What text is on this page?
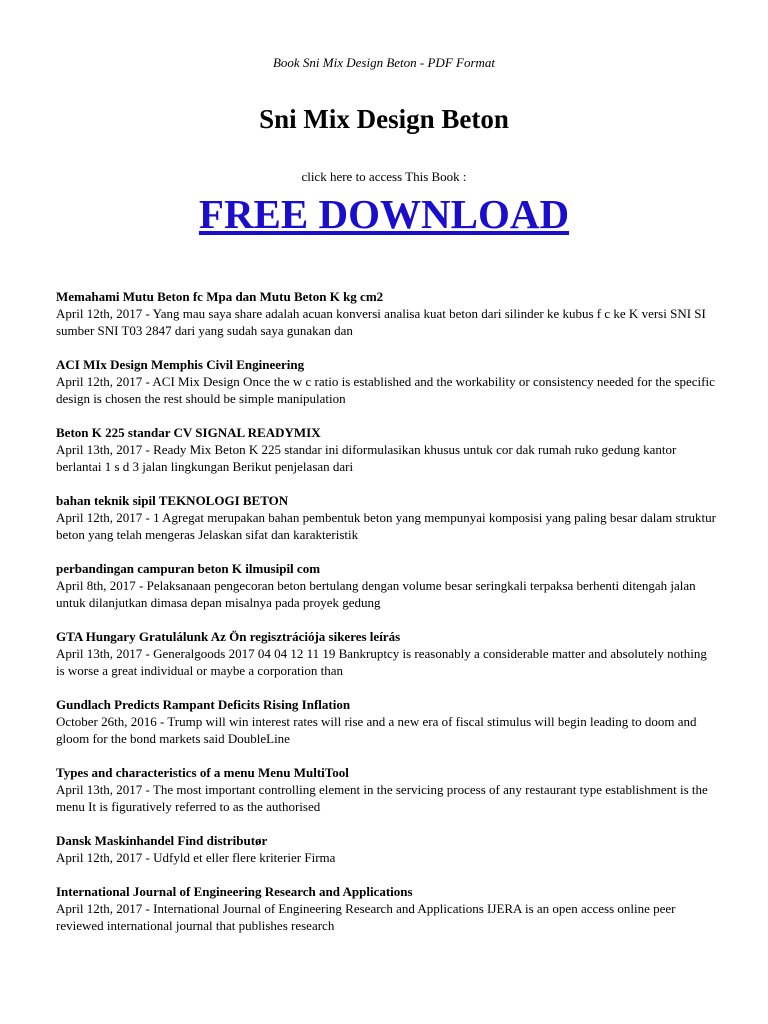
Book Sni Mix Design Beton - PDF Format
Sni Mix Design Beton
click here to access This Book :
FREE DOWNLOAD

Memahami Mutu Beton fc Mpa dan Mutu Beton K kg cm2

April 12th, 2017 - Yang mau saya share adalah acuan konversi analisa kuat beton dari silinder ke kubus f c ke K versi SNI SI sumber SNI T03 2847 dari yang sudah saya gunakan dan

ACI MIx Design Memphis Civil Engineering

April 12th, 2017 - ACI Mix Design Once the w c ratio is established and the workability or consistency needed for the specific design is chosen the rest should be simple manipulation

Beton K 225 standar CV SIGNAL READYMIX

April 13th, 2017 - Ready Mix Beton K 225 standar ini diformulasikan khusus untuk cor dak rumah ruko gedung kantor berlantai 1 s d 3 jalan lingkungan Berikut penjelasan dari

bahan teknik sipil TEKNOLOGI BETON

April 12th, 2017 - 1 Agregat merupakan bahan pembentuk beton yang mempunyai komposisi yang paling besar dalam struktur beton yang telah mengeras Jelaskan sifat dan karakteristik

perbandingan campuran beton K ilmusipil com

April 8th, 2017 - Pelaksanaan pengecoran beton bertulang dengan volume besar seringkali terpaksa berhenti ditengah jalan untuk dilanjutkan dimasa depan misalnya pada proyek gedung

GTA Hungary Gratulálunk Az Ön regisztrációja sikeres leírás

April 13th, 2017 - Generalgoods 2017 04 04 12 11 19 Bankruptcy is reasonably a considerable matter and absolutely nothing is worse a great individual or maybe a corporation than

Gundlach Predicts Rampant Deficits Rising Inflation

October 26th, 2016 - Trump will win interest rates will rise and a new era of fiscal stimulus will begin leading to doom and gloom for the bond markets said DoubleLine

Types and characteristics of a menu Menu MultiTool

April 13th, 2017 - The most important controlling element in the servicing process of any restaurant type establishment is the menu It is figuratively referred to as the authorised

Dansk Maskinhandel Find distributør

April 12th, 2017 - Udfyld et eller flere kriterier Firma

International Journal of Engineering Research and Applications

April 12th, 2017 - International Journal of Engineering Research and Applications IJERA is an open access online peer reviewed international journal that publishes research
